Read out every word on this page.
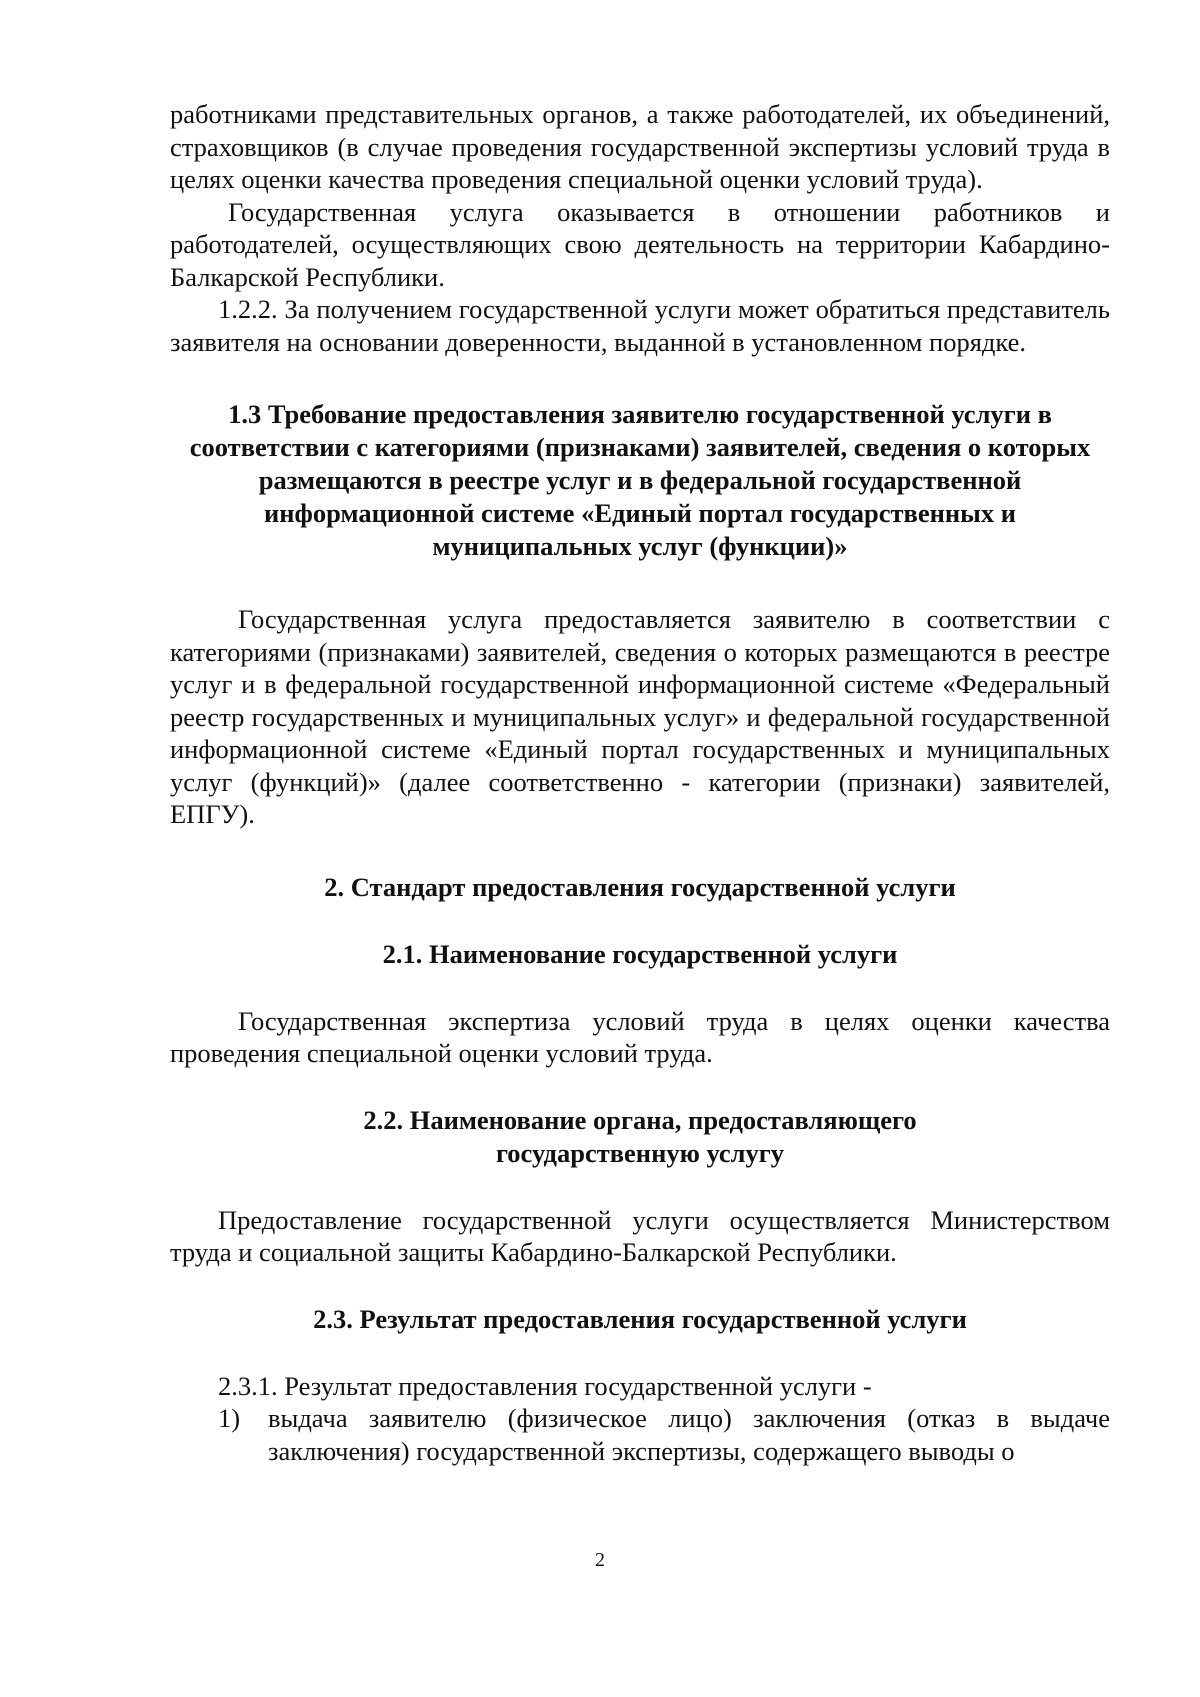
работниками представительных органов, а также работодателей, их объединений, страховщиков (в случае проведения государственной экспертизы условий труда в целях оценки качества проведения специальной оценки условий труда).

Государственная услуга оказывается в отношении работников и работодателей, осуществляющих свою деятельность на территории Кабардино-Балкарской Республики.

1.2.2. За получением государственной услуги может обратиться представитель заявителя на основании доверенности, выданной в установленном порядке.

1.3 Требование предоставления заявителю государственной услуги в соответствии с категориями (признаками) заявителей, сведения о которых размещаются в реестре услуг и в федеральной государственной информационной системе «Единый портал государственных и муниципальных услуг (функции)»

Государственная услуга предоставляется заявителю в соответствии с категориями (признаками) заявителей, сведения о которых размещаются в реестре услуг и в федеральной государственной информационной системе «Федеральный реестр государственных и муниципальных услуг» и федеральной государственной информационной системе «Единый портал государственных и муниципальных услуг (функций)» (далее соответственно - категории (признаки) заявителей, ЕПГУ).

2. Стандарт предоставления государственной услуги
2.1. Наименование государственной услуги

Государственная экспертиза условий труда в целях оценки качества проведения специальной оценки условий труда.

2.2. Наименование органа, предоставляющего
государственную услугу

Предоставление государственной услуги осуществляется Министерством труда и социальной защиты Кабардино-Балкарской Республики.

2.3. Результат предоставления государственной услуги

2.3.1. Результат предоставления государственной услуги -

1) выдача заявителю (физическое лицо) заключения (отказ в выдаче заключения) государственной экспертизы, содержащего выводы о
2
